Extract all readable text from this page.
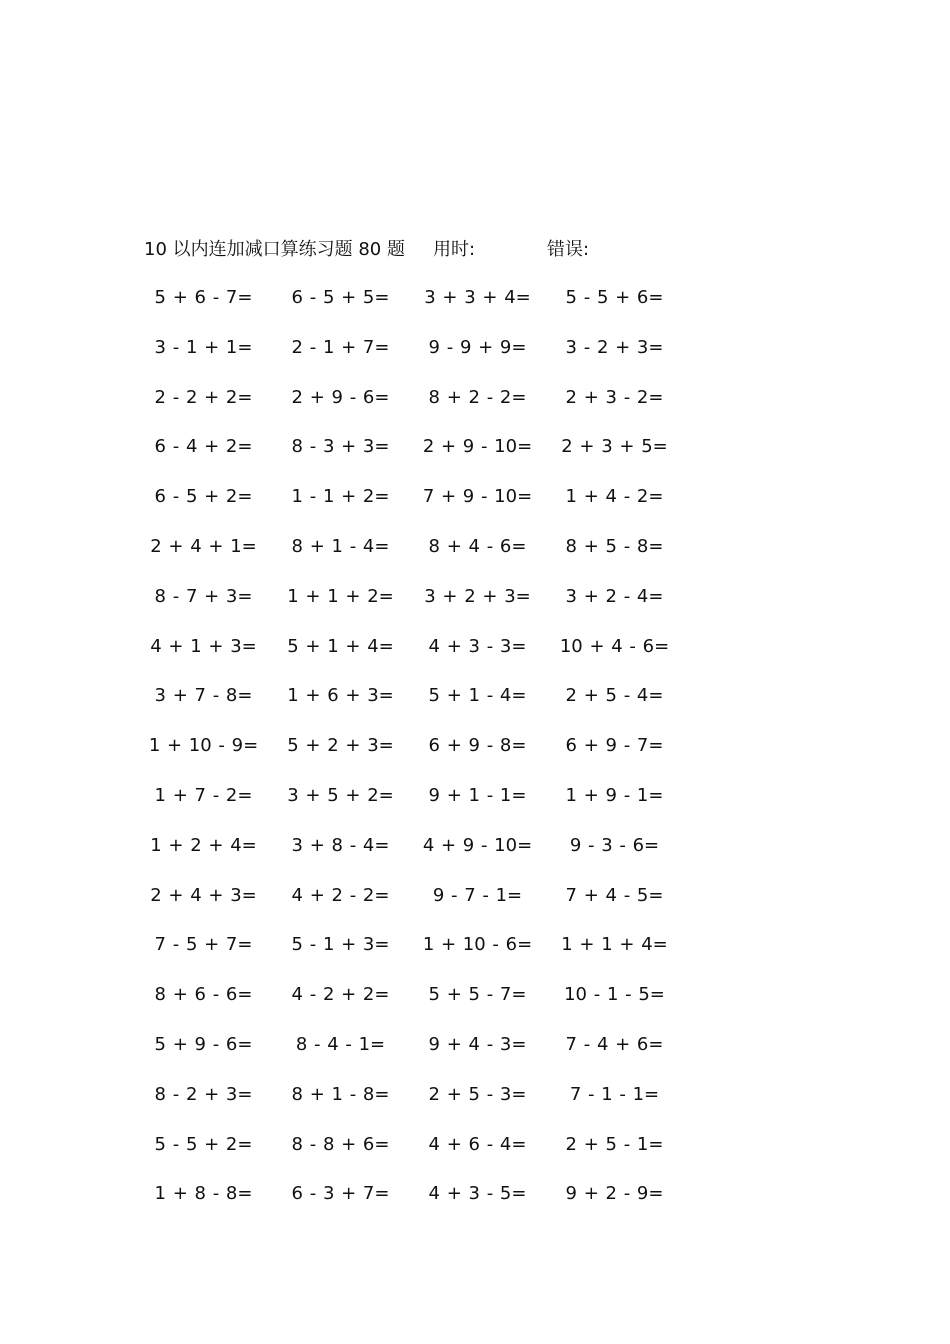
10 以内连加减口算练习题 80 题 用时:	错误:
5 + 6 - 7=	6 - 5 + 5=	3 + 3 + 4=	5 - 5 + 6=
3 - 1 + 1=	2 - 1 + 7=	9 - 9 + 9=	3 - 2 + 3=
2 - 2 + 2=	2 + 9 - 6=	8 + 2 - 2=	2 + 3 - 2=
6 - 4 + 2=	8 - 3 + 3=	2 + 9 - 10=	2 + 3 + 5=
6 - 5 + 2=	1 - 1 + 2=	7 + 9 - 10=	1 + 4 - 2=
2 + 4 + 1=	8 + 1 - 4=	8 + 4 - 6=	8 + 5 - 8=
8 - 7 + 3=	1 + 1 + 2=	3 + 2 + 3=	3 + 2 - 4=
4 + 1 + 3=	5 + 1 + 4=	4 + 3 - 3=	10 + 4 - 6=
3 + 7 - 8=	1 + 6 + 3=	5 + 1 - 4=	2 + 5 - 4=
1 + 10 - 9=	5 + 2 + 3=	6 + 9 - 8=	6 + 9 - 7=
1 + 7 - 2=	3 + 5 + 2=	9 + 1 - 1=	1 + 9 - 1=
1 + 2 + 4=	3 + 8 - 4=	4 + 9 - 10=	9 - 3 - 6=
2 + 4 + 3=	4 + 2 - 2=	9 - 7 - 1=	7 + 4 - 5=
7 - 5 + 7=	5 - 1 + 3=	1 + 10 - 6=	1 + 1 + 4=
8 + 6 - 6=	4 - 2 + 2=	5 + 5 - 7=	10 - 1 - 5=
5 + 9 - 6=	8 - 4 - 1=	9 + 4 - 3=	7 - 4 + 6=
8 - 2 + 3=	8 + 1 - 8=	2 + 5 - 3=	7 - 1 - 1=
5 - 5 + 2=	8 - 8 + 6=	4 + 6 - 4=	2 + 5 - 1=
1 + 8 - 8=	6 - 3 + 7=	4 + 3 - 5=	9 + 2 - 9=
